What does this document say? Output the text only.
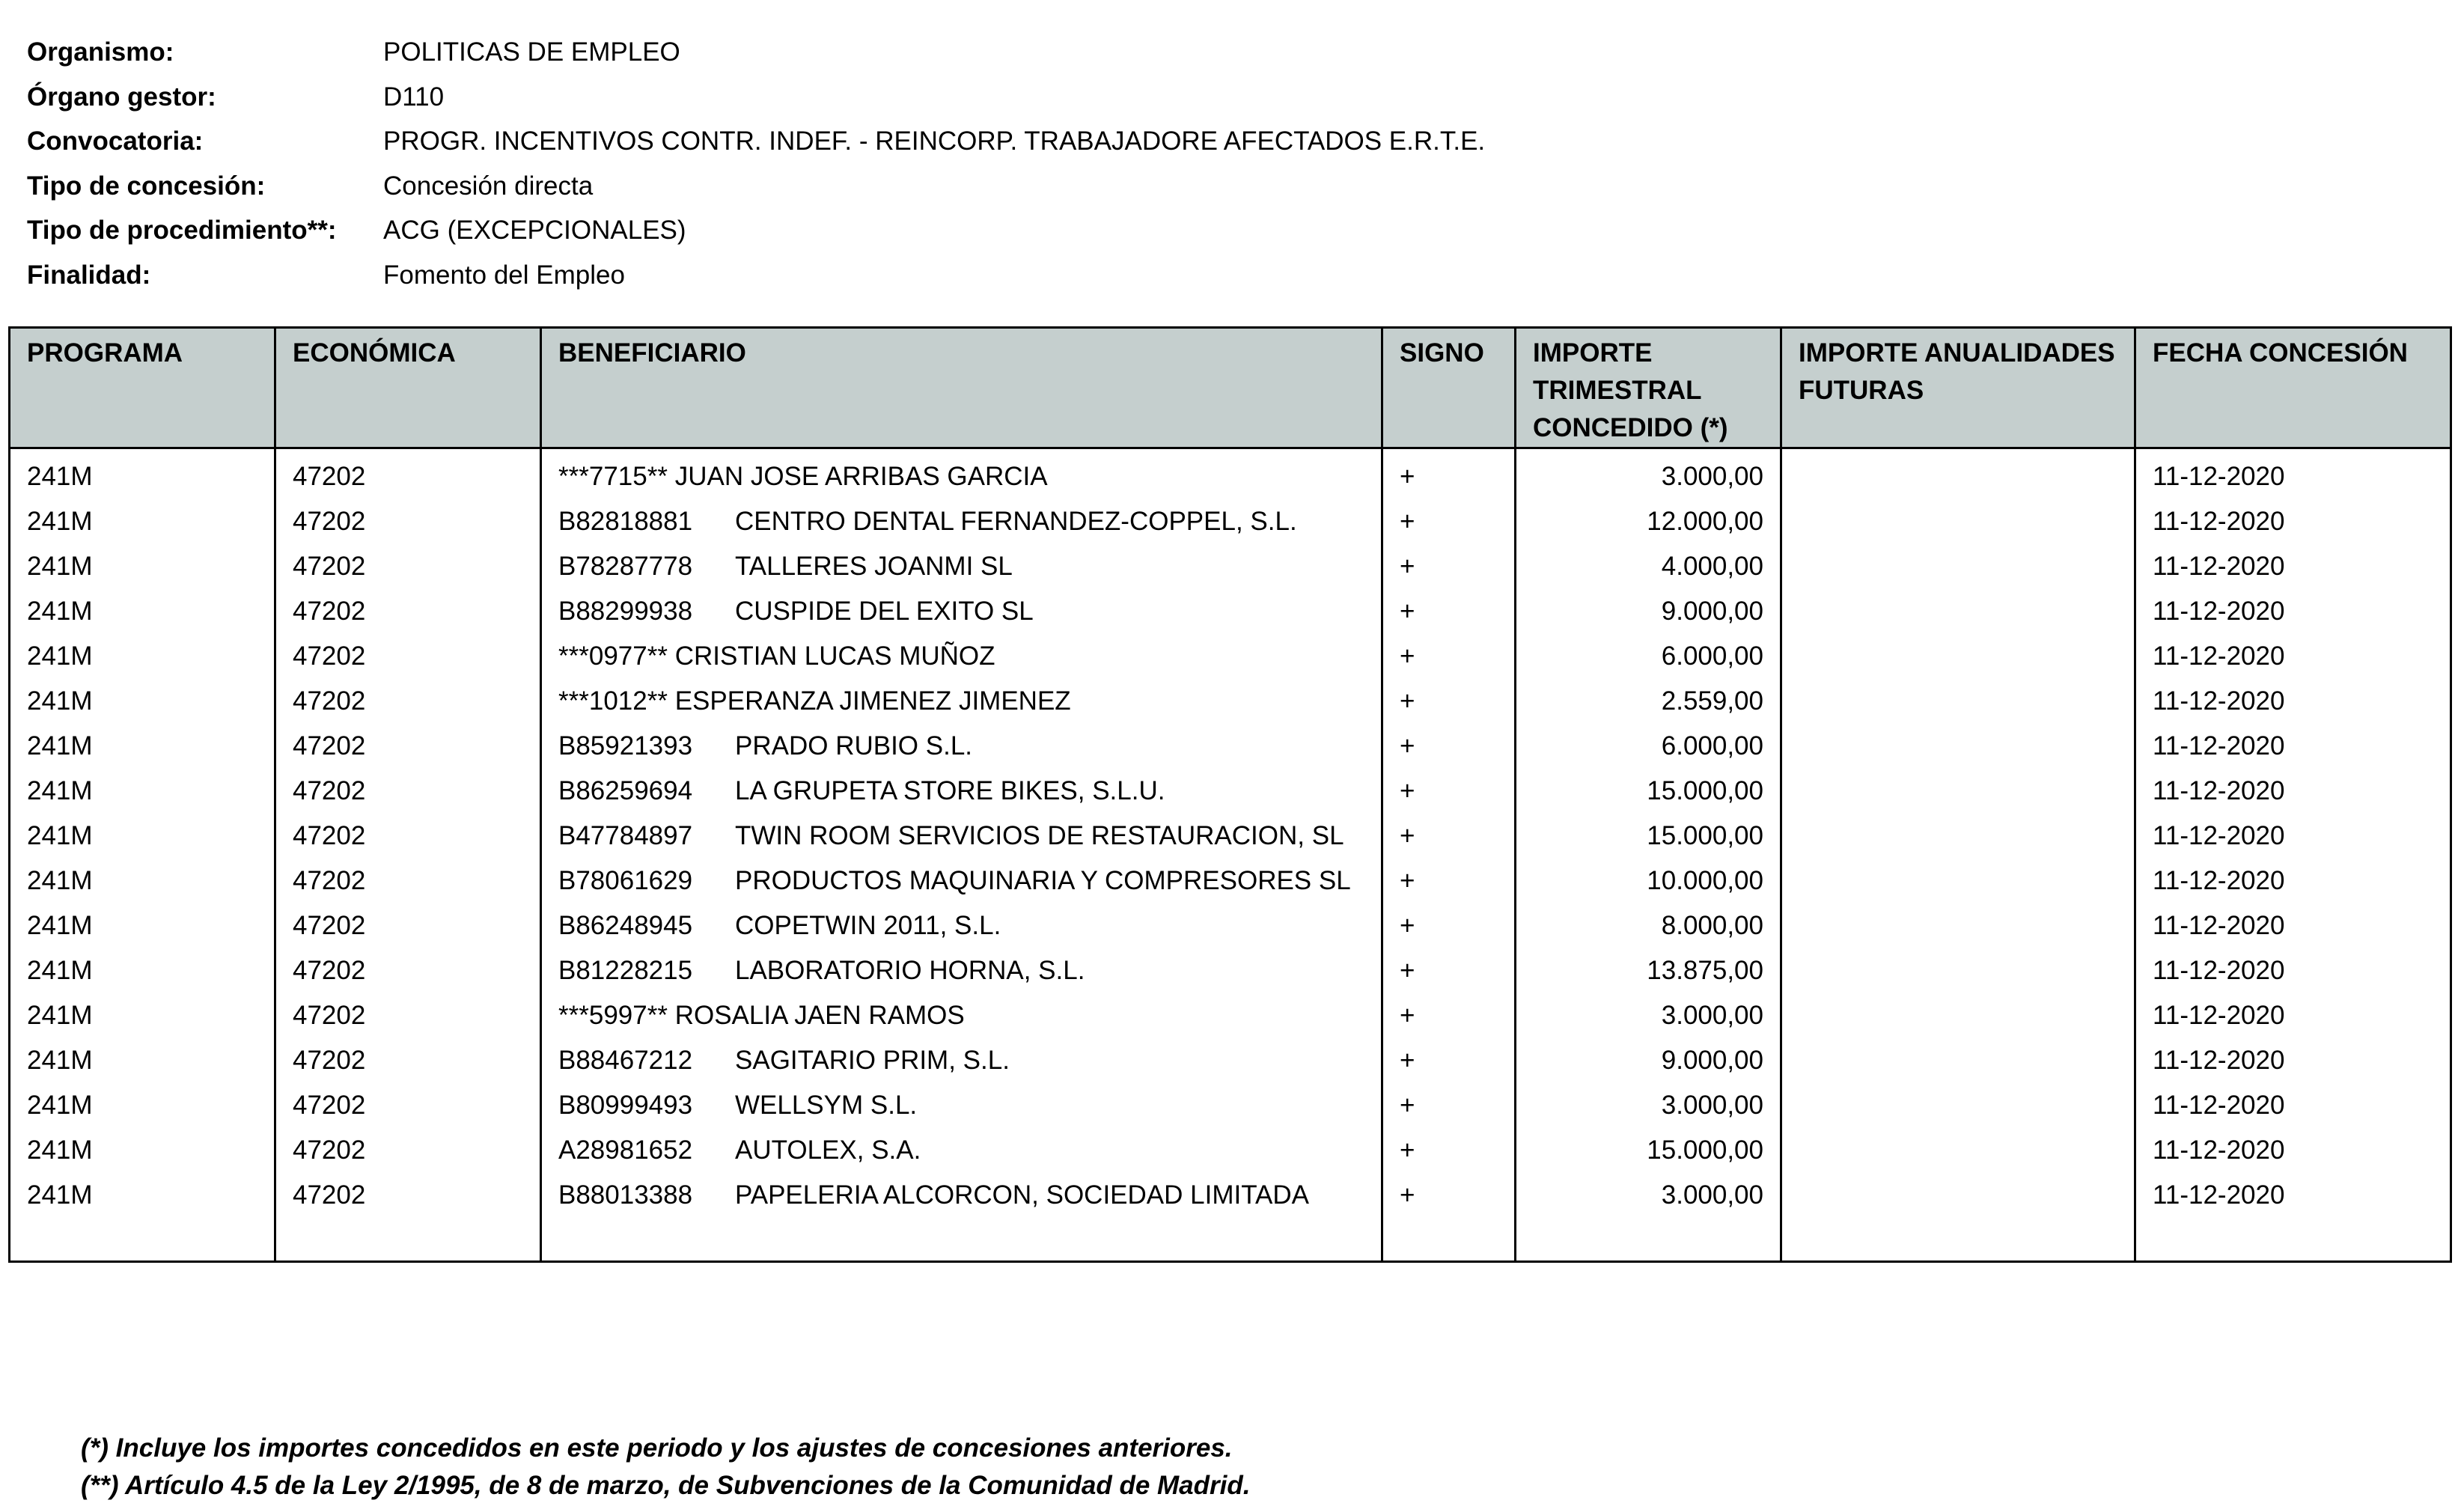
Organismo:	POLITICAS DE EMPLEO
Órgano gestor:	D110
Convocatoria:	PROGR. INCENTIVOS CONTR. INDEF. - REINCORP. TRABAJADORE AFECTADOS E.R.T.E.
Tipo de concesión:	Concesión directa
Tipo de procedimiento**:	ACG (EXCEPCIONALES)
Finalidad:	Fomento del Empleo
PROGRAMA	ECONÓMICA	BENEFICIARIO	SIGNO	IMPORTE TRIMESTRAL CONCEDIDO (*)	IMPORTE ANUALIDADES FUTURAS	FECHA CONCESIÓN
241M	47202	***7715** JUAN JOSE ARRIBAS GARCIA	+	3.000,00		11-12-2020
241M	47202	B82818881 CENTRO DENTAL FERNANDEZ-COPPEL, S.L.	+	12.000,00		11-12-2020
241M	47202	B78287778 TALLERES JOANMI SL	+	4.000,00		11-12-2020
241M	47202	B88299938 CUSPIDE DEL EXITO SL	+	9.000,00		11-12-2020
241M	47202	***0977** CRISTIAN LUCAS MUÑOZ	+	6.000,00		11-12-2020
241M	47202	***1012** ESPERANZA JIMENEZ JIMENEZ	+	2.559,00		11-12-2020
241M	47202	B85921393 PRADO RUBIO S.L.	+	6.000,00		11-12-2020
241M	47202	B86259694 LA GRUPETA STORE BIKES, S.L.U.	+	15.000,00		11-12-2020
241M	47202	B47784897 TWIN ROOM SERVICIOS DE RESTAURACION, SL	+	15.000,00		11-12-2020
241M	47202	B78061629 PRODUCTOS MAQUINARIA Y COMPRESORES SL	+	10.000,00		11-12-2020
241M	47202	B86248945 COPETWIN 2011, S.L.	+	8.000,00		11-12-2020
241M	47202	B81228215 LABORATORIO HORNA, S.L.	+	13.875,00		11-12-2020
241M	47202	***5997** ROSALIA JAEN RAMOS	+	3.000,00		11-12-2020
241M	47202	B88467212 SAGITARIO PRIM, S.L.	+	9.000,00		11-12-2020
241M	47202	B80999493 WELLSYM S.L.	+	3.000,00		11-12-2020
241M	47202	A28981652 AUTOLEX, S.A.	+	15.000,00		11-12-2020
241M	47202	B88013388 PAPELERIA ALCORCON, SOCIEDAD LIMITADA	+	3.000,00		11-12-2020
(*) Incluye los importes concedidos en este periodo y los ajustes de concesiones anteriores.
(**) Artículo 4.5 de la Ley 2/1995, de 8 de marzo, de Subvenciones de la Comunidad de Madrid.
